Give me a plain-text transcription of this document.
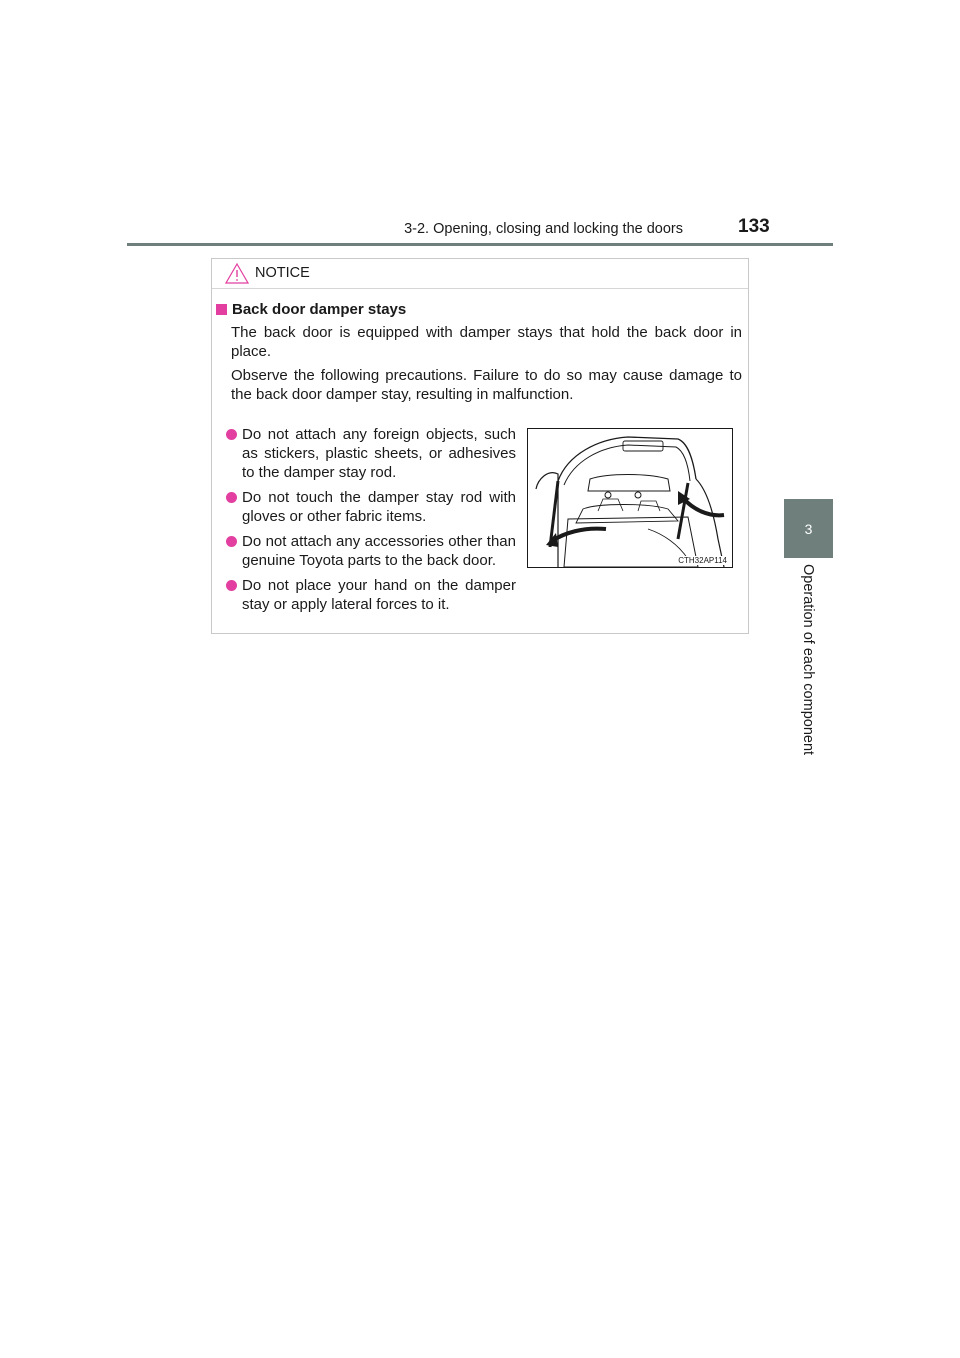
3-2. Opening, closing and locking the doors	133
3
Operation of each component
NOTICE
Back door damper stays
The back door is equipped with damper stays that hold the back door in place.
Observe the following precautions. Failure to do so may cause damage to the back door damper stay, resulting in malfunction.
Do not attach any foreign objects, such as stickers, plastic sheets, or adhesives to the damper stay rod.
Do not touch the damper stay rod with gloves or other fabric items.
Do not attach any accessories other than genuine Toyota parts to the back door.
Do not place your hand on the damper stay or apply lateral forces to it.
CTH32AP114
